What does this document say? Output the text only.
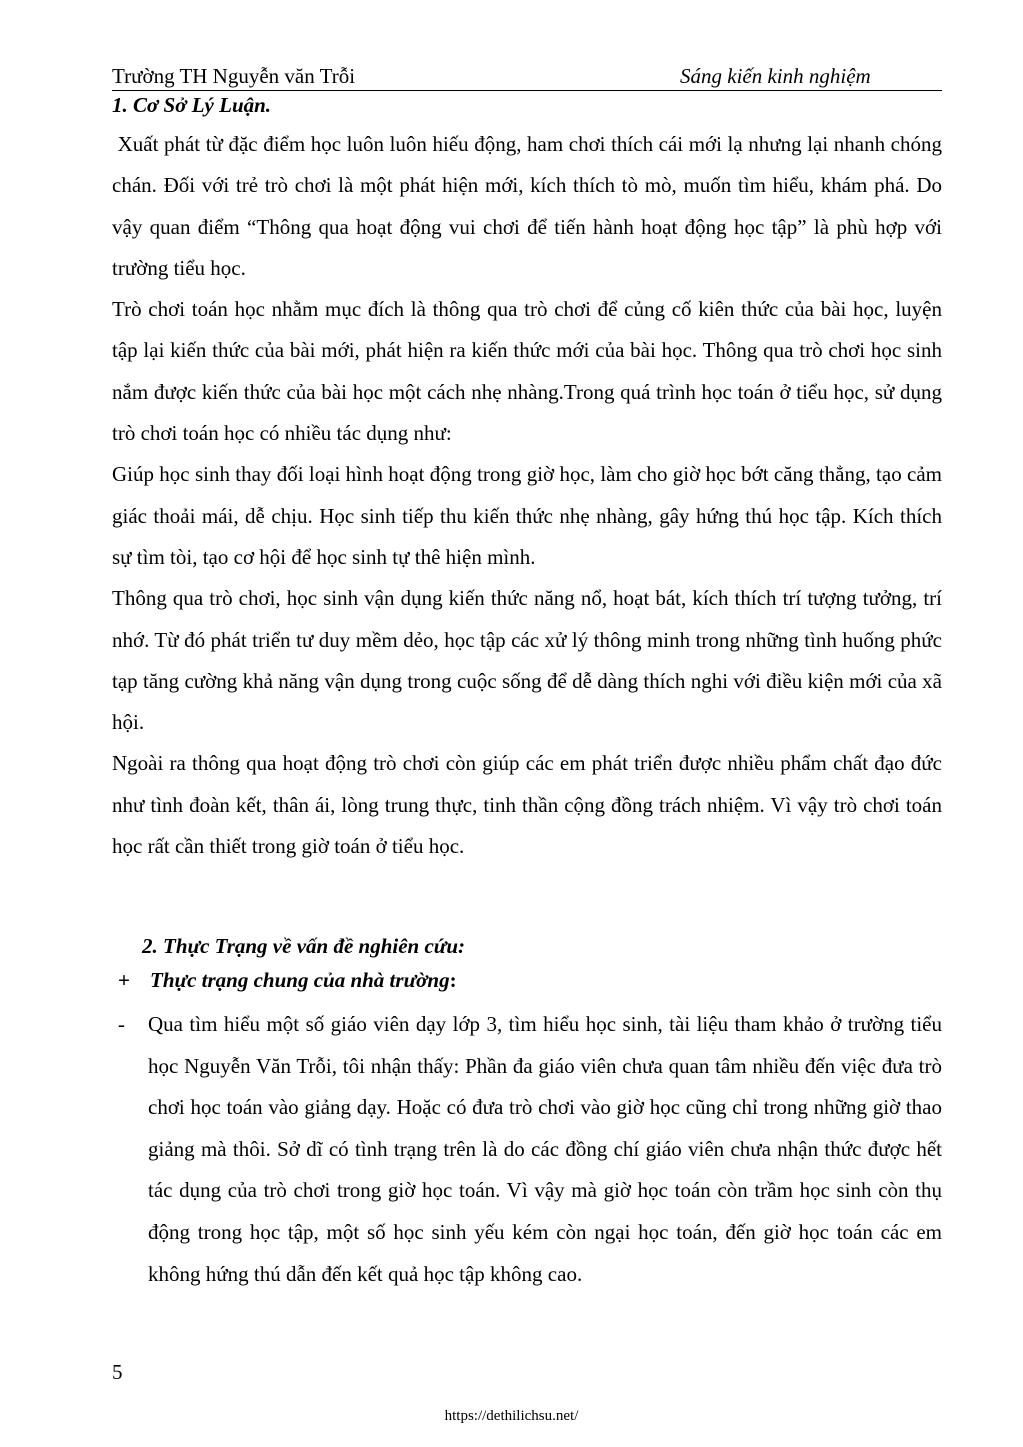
Trường TH Nguyễn văn Trỗi	Sáng kiến kinh nghiệm
1. Cơ Sở Lý Luận.

Xuất phát từ đặc điểm học luôn luôn hiếu động, ham chơi thích cái mới lạ nhưng lại nhanh chóng chán. Đối với trẻ trò chơi là một phát hiện mới, kích thích tò mò, muốn tìm hiểu, khám phá. Do vậy quan điểm “Thông qua hoạt động vui chơi để tiến hành hoạt động học tập” là phù hợp với trường tiểu học.

Trò chơi toán học nhằm mục đích là thông qua trò chơi để củng cố kiên thức của bài học, luyện tập lại kiến thức của bài mới, phát hiện ra kiến thức mới của bài học. Thông qua trò chơi học sinh nắm được kiến thức của bài học một cách nhẹ nhàng.Trong quá trình học toán ở tiểu học, sử dụng trò chơi toán học có nhiều tác dụng như:

Giúp học sinh thay đối loại hình hoạt động trong giờ học, làm cho giờ học bớt căng thẳng, tạo cảm giác thoải mái, dễ chịu. Học sinh tiếp thu kiến thức nhẹ nhàng, gây hứng thú học tập. Kích thích sự tìm tòi, tạo cơ hội để học sinh tự thê hiện mình.

Thông qua trò chơi, học sinh vận dụng kiến thức năng nổ, hoạt bát, kích thích trí tượng tưởng, trí nhớ. Từ đó phát triển tư duy mềm dẻo, học tập các xử lý thông minh trong những tình huống phức tạp tăng cường khả năng vận dụng trong cuộc sống để dễ dàng thích nghi với điều kiện mới của xã hội.

Ngoài ra thông qua hoạt động trò chơi còn giúp các em phát triển được nhiều phẩm chất đạo đức như tình đoàn kết, thân ái, lòng trung thực, tinh thần cộng đồng trách nhiệm. Vì vậy trò chơi toán học rất cần thiết trong giờ toán ở tiểu học.

2. Thực Trạng về vấn đề nghiên cứu:
+ Thực trạng chung của nhà trường:
- Qua tìm hiểu một số giáo viên dạy lớp 3, tìm hiểu học sinh, tài liệu tham khảo ở trường tiểu học Nguyễn Văn Trỗi, tôi nhận thấy: Phần đa giáo viên chưa quan tâm nhiều đến việc đưa trò chơi học toán vào giảng dạy. Hoặc có đưa trò chơi vào giờ học cũng chỉ trong những giờ thao giảng mà thôi. Sở dĩ có tình trạng trên là do các đồng chí giáo viên chưa nhận thức được hết tác dụng của trò chơi trong giờ học toán. Vì vậy mà giờ học toán còn trầm học sinh còn thụ động trong học tập, một số học sinh yếu kém còn ngại học toán, đến giờ học toán các em không hứng thú dẫn đến kết quả học tập không cao.
5
https://dethilichsu.net/
